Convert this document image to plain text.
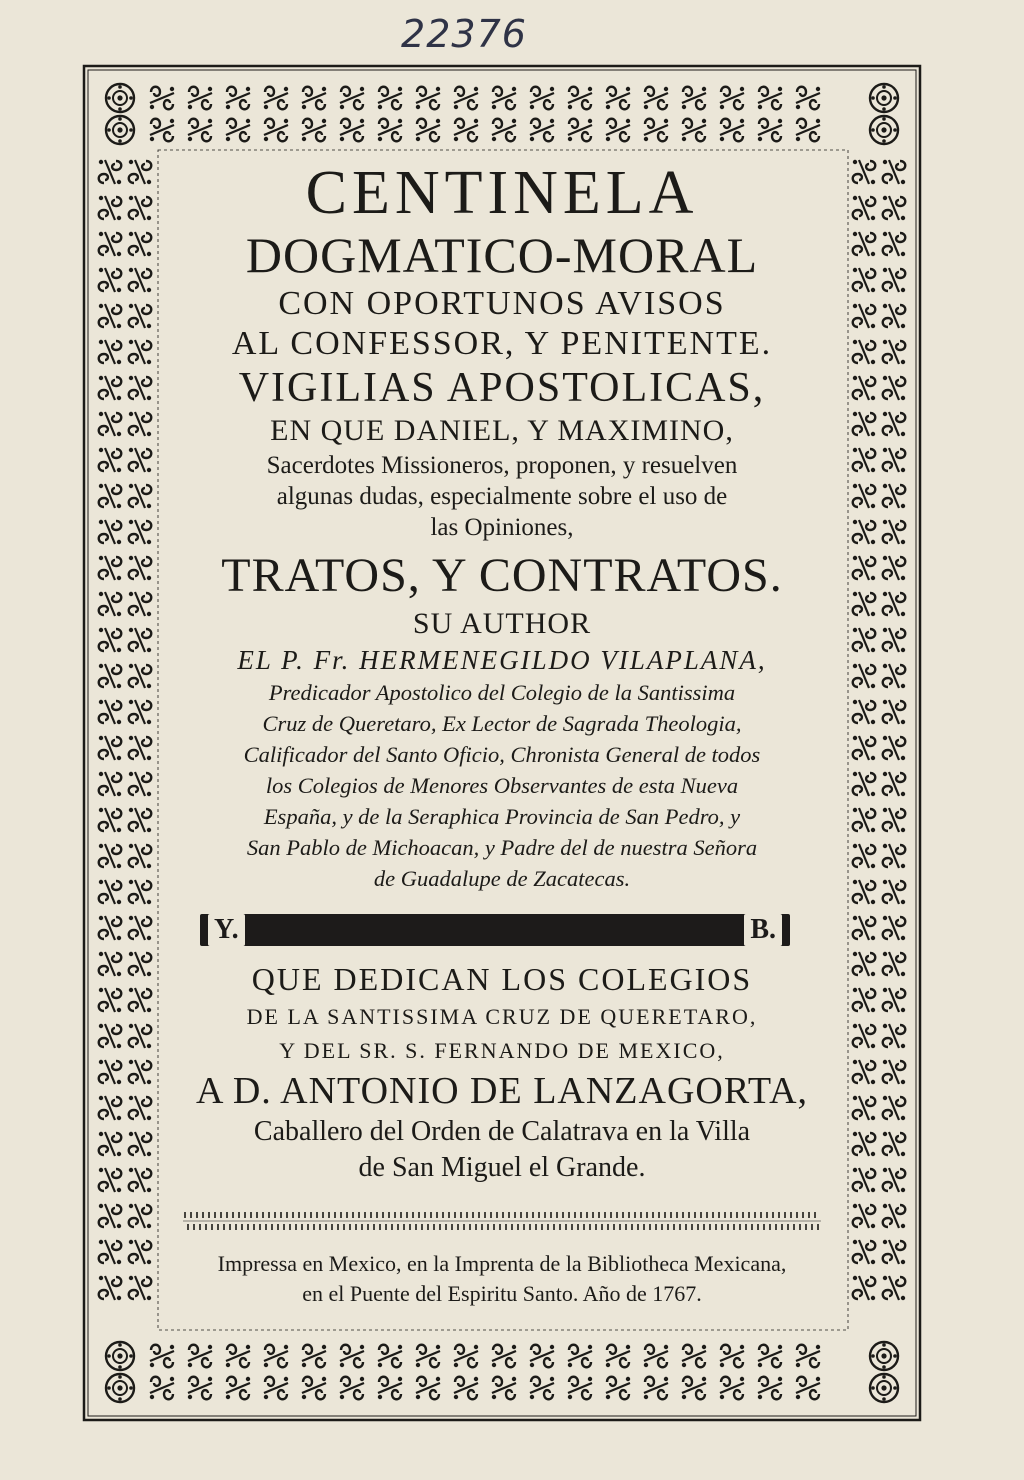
22376
CENTINELA
DOGMATICO-MORAL
CON OPORTUNOS AVISOS
AL CONFESSOR, Y PENITENTE.
VIGILIAS APOSTOLICAS,
EN QUE DANIEL, Y MAXIMINO,
Sacerdotes Missioneros, proponen, y resuelven
algunas dudas, especialmente sobre el uso de
las Opiniones,
TRATOS, Y CONTRATOS.
SU AUTHOR
EL P. Fr. HERMENEGILDO VILAPLANA,
Predicador Apostolico del Colegio de la Santissima
Cruz de Queretaro, Ex Lector de Sagrada Theologia,
Calificador del Santo Oficio, Chronista General de todos
los Colegios de Menores Observantes de esta Nueva
España, y de la Seraphica Provincia de San Pedro, y
San Pablo de Michoacan, y Padre del de nuestra Señora
de Guadalupe de Zacatecas.
Y.	B.
QUE DEDICAN LOS COLEGIOS
DE LA SANTISSIMA CRUZ DE QUERETARO,
Y DEL SR. S. FERNANDO DE MEXICO,
A D. ANTONIO DE LANZAGORTA,
Caballero del Orden de Calatrava en la Villa
de San Miguel el Grande.
Impressa en Mexico, en la Imprenta de la Bibliotheca Mexicana,
en el Puente del Espiritu Santo. Año de 1767.
